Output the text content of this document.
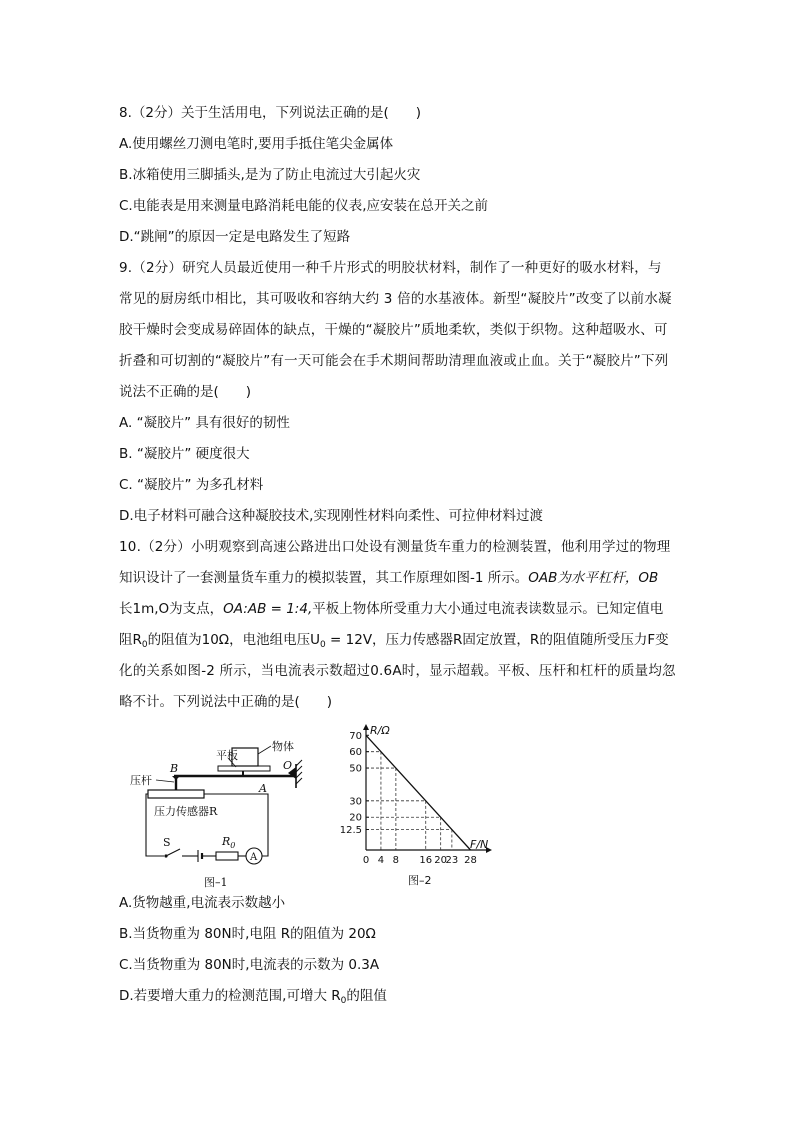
8.（2分）关于生活用电，下列说法正确的是(　　)
A.使用螺丝刀测电笔时,要用手抵住笔尖金属体
B.冰箱使用三脚插头,是为了防止电流过大引起火灾
C.电能表是用来测量电路消耗电能的仪表,应安装在总开关之前
D.“跳闸”的原因一定是电路发生了短路
9.（2分）研究人员最近使用一种千片形式的明胶状材料，制作了一种更好的吸水材料，与
常见的厨房纸巾相比，其可吸收和容纳大约 3 倍的水基液体。新型“凝胶片”改变了以前水凝
胶干燥时会变成易碎固体的缺点，干燥的“凝胶片”质地柔软，类似于织物。这种超吸水、可
折叠和可切割的“凝胶片”有一天可能会在手术期间帮助清理血液或止血。关于“凝胶片”下列
说法不正确的是(　　)
A. “凝胶片” 具有很好的韧性
B. “凝胶片” 硬度很大
C. “凝胶片” 为多孔材料
D.电子材料可融合这种凝胶技术,实现刚性材料向柔性、可拉伸材料过渡
10.（2分）小明观察到高速公路进出口处设有测量货车重力的检测装置，他利用学过的物理
知识设计了一套测量货车重力的模拟装置，其工作原理如图-1 所示。OAB为水平杠杆，OB
长1m,O为支点，OA:AB = 1:4,平板上物体所受重力大小通过电流表读数显示。已知定值电
阻$R_0$的阻值为10Ω，电池组电压$U_0 = 12V$，压力传感器R固定放置，R的阻值随所受压力F变
化的关系如图-2 所示，当电流表示数超过0.6A时，显示超载。平板、压杆和杠杆的质量均忽
略不计。下列说法中正确的是(　　)
O
物体
平板
A
B
压杆
压力传感器R
S	$R_0$
A
图–1
0 4 8 16 20
23 28
12.5
20
30
50
60
70 R/Ω
F/N
图–2
A.货物越重,电流表示数越小
B.当货物重为 80N时,电阻 R的阻值为 20Ω
C.当货物重为 80N时,电流表的示数为 0.3A
D.若要增大重力的检测范围,可增大 $R_0$的阻值
